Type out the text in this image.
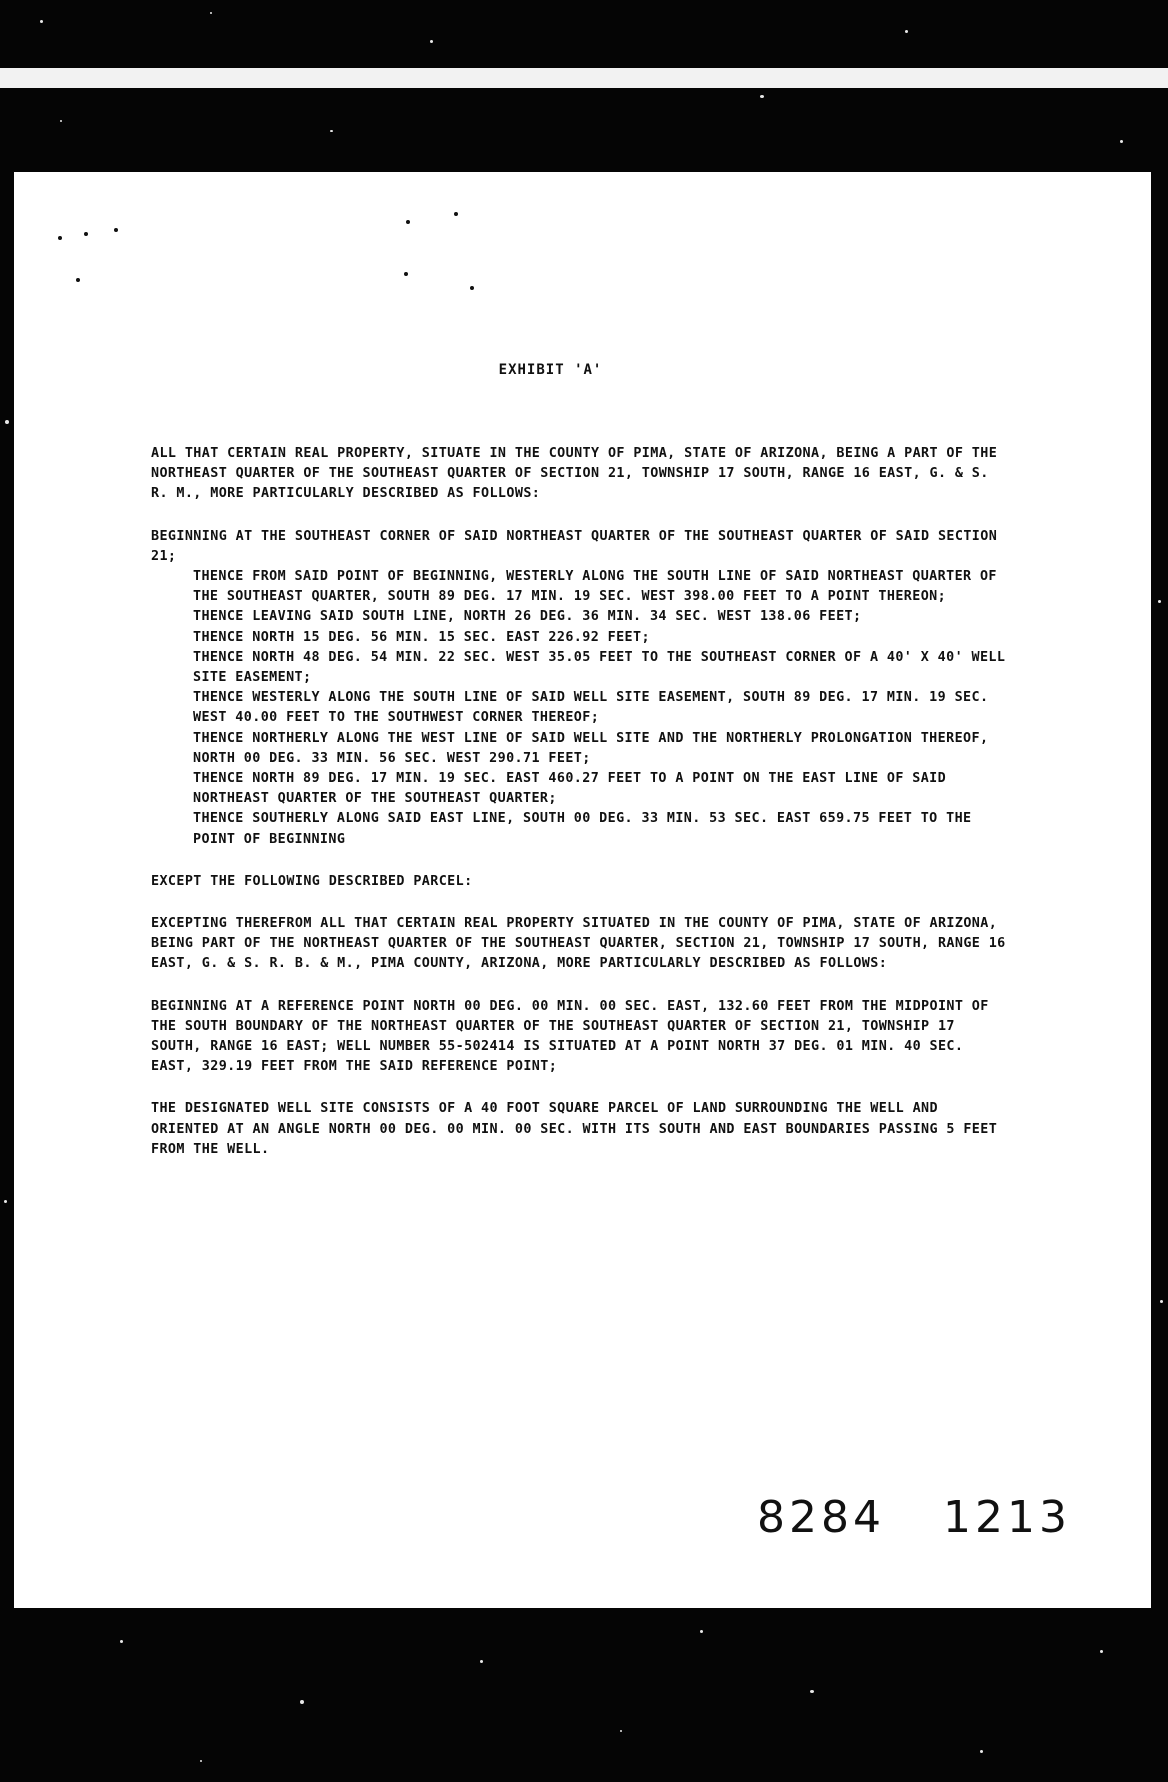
EXHIBIT 'A'

ALL THAT CERTAIN REAL PROPERTY, SITUATE IN THE COUNTY OF PIMA, STATE OF ARIZONA, BEING A PART OF THE NORTHEAST QUARTER OF THE SOUTHEAST QUARTER OF SECTION 21, TOWNSHIP 17 SOUTH, RANGE 16 EAST, G. & S. R. M., MORE PARTICULARLY DESCRIBED AS FOLLOWS:

BEGINNING AT THE SOUTHEAST CORNER OF SAID NORTHEAST QUARTER OF THE SOUTHEAST QUARTER OF SAID SECTION 21;

THENCE FROM SAID POINT OF BEGINNING, WESTERLY ALONG THE SOUTH LINE OF SAID NORTHEAST QUARTER OF THE SOUTHEAST QUARTER, SOUTH 89 DEG. 17 MIN. 19 SEC. WEST 398.00 FEET TO A POINT THEREON;

THENCE LEAVING SAID SOUTH LINE, NORTH 26 DEG. 36 MIN. 34 SEC. WEST 138.06 FEET;

THENCE NORTH 15 DEG. 56 MIN. 15 SEC. EAST 226.92 FEET;

THENCE NORTH 48 DEG. 54 MIN. 22 SEC. WEST 35.05 FEET TO THE SOUTHEAST CORNER OF A 40' X 40' WELL SITE EASEMENT;

THENCE WESTERLY ALONG THE SOUTH LINE OF SAID WELL SITE EASEMENT, SOUTH 89 DEG. 17 MIN. 19 SEC. WEST 40.00 FEET TO THE SOUTHWEST CORNER THEREOF;

THENCE NORTHERLY ALONG THE WEST LINE OF SAID WELL SITE AND THE NORTHERLY PROLONGATION THEREOF, NORTH 00 DEG. 33 MIN. 56 SEC. WEST 290.71 FEET;

THENCE NORTH 89 DEG. 17 MIN. 19 SEC. EAST 460.27 FEET TO A POINT ON THE EAST LINE OF SAID NORTHEAST QUARTER OF THE SOUTHEAST QUARTER;

THENCE SOUTHERLY ALONG SAID EAST LINE, SOUTH 00 DEG. 33 MIN. 53 SEC. EAST 659.75 FEET TO THE POINT OF BEGINNING

EXCEPT THE FOLLOWING DESCRIBED PARCEL:

EXCEPTING THEREFROM ALL THAT CERTAIN REAL PROPERTY SITUATED IN THE COUNTY OF PIMA, STATE OF ARIZONA, BEING PART OF THE NORTHEAST QUARTER OF THE SOUTHEAST QUARTER, SECTION 21, TOWNSHIP 17 SOUTH, RANGE 16 EAST, G. & S. R. B. & M., PIMA COUNTY, ARIZONA, MORE PARTICULARLY DESCRIBED AS FOLLOWS:

BEGINNING AT A REFERENCE POINT NORTH 00 DEG. 00 MIN. 00 SEC. EAST, 132.60 FEET FROM THE MIDPOINT OF THE SOUTH BOUNDARY OF THE NORTHEAST QUARTER OF THE SOUTHEAST QUARTER OF SECTION 21, TOWNSHIP 17 SOUTH, RANGE 16 EAST; WELL NUMBER 55-502414 IS SITUATED AT A POINT NORTH 37 DEG. 01 MIN. 40 SEC. EAST, 329.19 FEET FROM THE SAID REFERENCE POINT;

THE DESIGNATED WELL SITE CONSISTS OF A 40 FOOT SQUARE PARCEL OF LAND SURROUNDING THE WELL AND ORIENTED AT AN ANGLE NORTH 00 DEG. 00 MIN. 00 SEC. WITH ITS SOUTH AND EAST BOUNDARIES PASSING 5 FEET FROM THE WELL.

8284 1213
